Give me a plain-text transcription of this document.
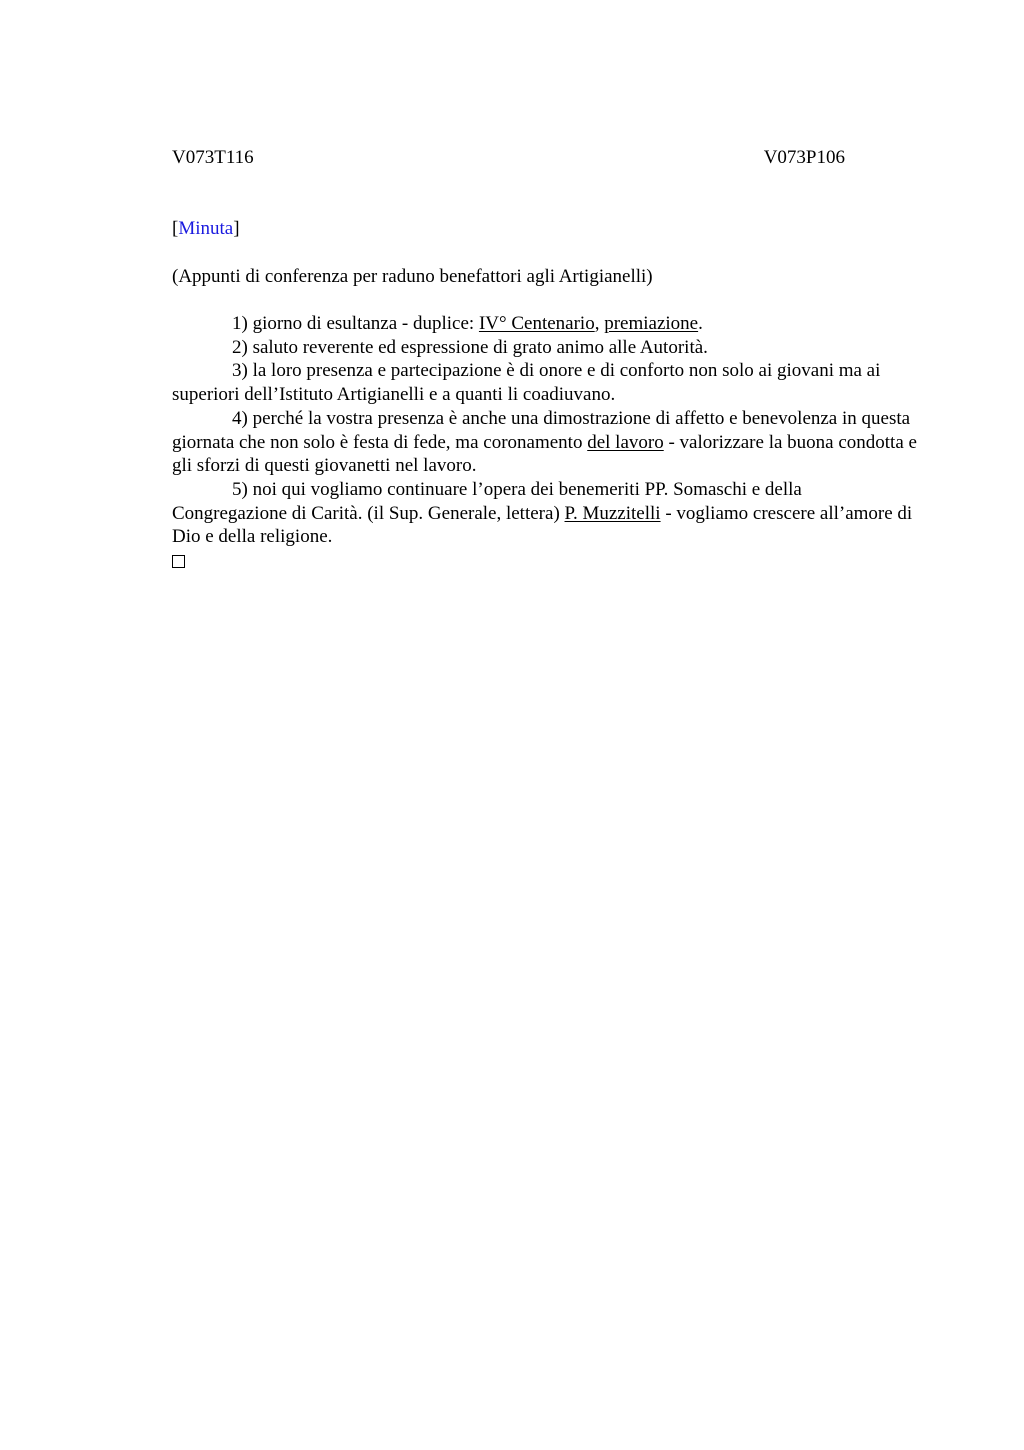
V073T116	V073P106
[Minuta]
(Appunti di conferenza per raduno benefattori agli Artigianelli)

1) giorno di esultanza - duplice: IV° Centenario, premiazione.

2) saluto reverente ed espressione di grato animo alle Autorità.

3) la loro presenza e partecipazione è di onore e di conforto non solo ai giovani ma ai superiori dell’Istituto Artigianelli e a quanti li coadiuvano.

4) perché la vostra presenza è anche una dimostrazione di affetto e benevolenza in questa giornata che non solo è festa di fede, ma coronamento del lavoro - valorizzare la buona condotta e gli sforzi di questi giovanetti nel lavoro.

5) noi qui vogliamo continuare l’opera dei benemeriti PP. Somaschi e della Congregazione di Carità. (il Sup. Generale, lettera) P. Muzzitelli - vogliamo crescere all’amore di Dio e della religione.
